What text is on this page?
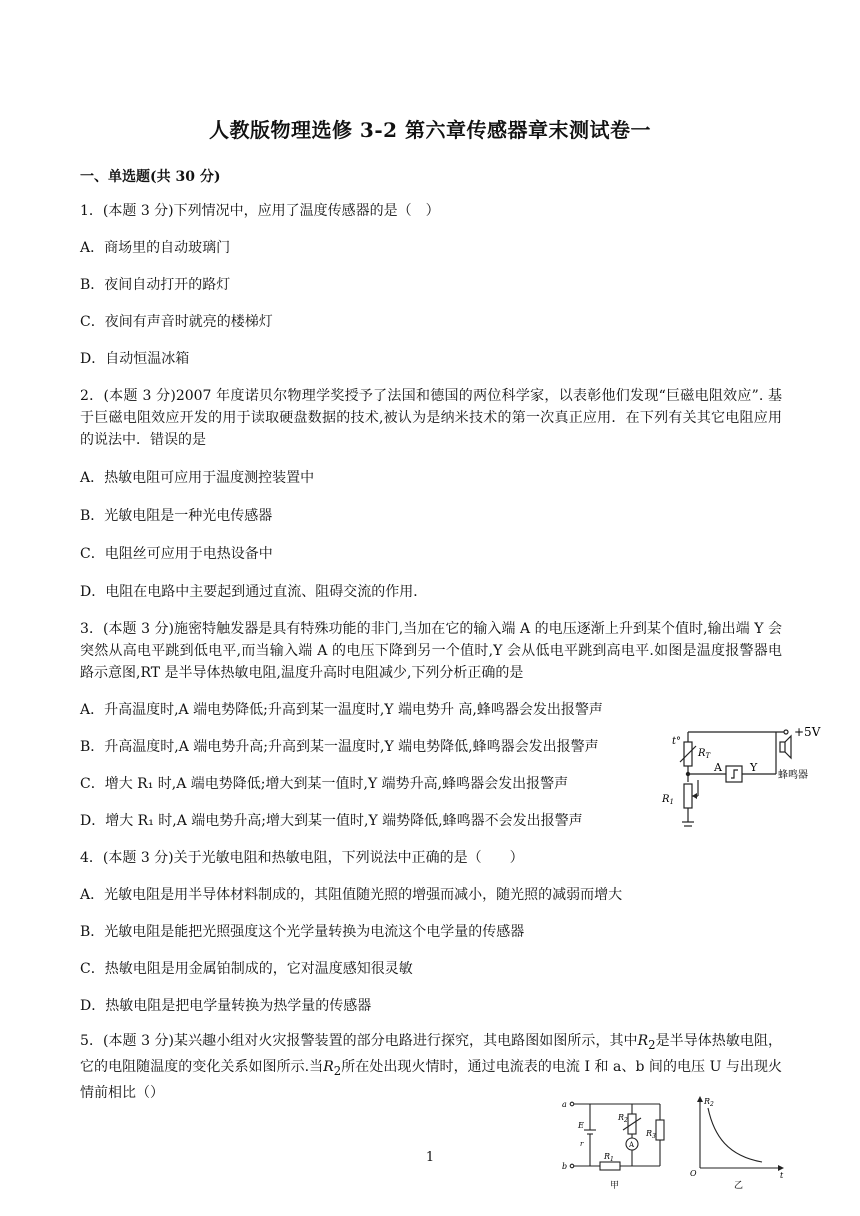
人教版物理选修 3-2 第六章传感器章末测试卷一
一、单选题(共 30 分)
1．(本题 3 分)下列情况中，应用了温度传感器的是（　）
A．商场里的自动玻璃门
B．夜间自动打开的路灯
C．夜间有声音时就亮的楼梯灯
D．自动恒温冰箱
2．(本题 3 分)2007 年度诺贝尔物理学奖授予了法国和德国的两位科学家，以表彰他们发现“巨磁电阻效应”. 基于巨磁电阻效应开发的用于读取硬盘数据的技术,被认为是纳米技术的第一次真正应用．在下列有关其它电阻应用的说法中．错误的是
A．热敏电阻可应用于温度测控装置中
B．光敏电阻是一种光电传感器
C．电阻丝可应用于电热设备中
D．电阻在电路中主要起到通过直流、阻碍交流的作用．
3．(本题 3 分)施密特触发器是具有特殊功能的非门,当加在它的输入端 A 的电压逐渐上升到某个值时,输出端 Y 会突然从高电平跳到低电平,而当输入端 A 的电压下降到另一个值时,Y 会从低电平跳到高电平.如图是温度报警器电路示意图,RT 是半导体热敏电阻,温度升高时电阻减少,下列分析正确的是
A．升高温度时,A 端电势降低;升高到某一温度时,Y 端电势升 高,蜂鸣器会发出报警声
B．升高温度时,A 端电势升高;升高到某一温度时,Y 端电势降低,蜂鸣器会发出报警声
C．增大 R₁ 时,A 端电势降低;增大到某一值时,Y 端势升高,蜂鸣器会发出报警声
D．增大 R₁ 时,A 端电势升高;增大到某一值时,Y 端势降低,蜂鸣器不会发出报警声
+5V
t°
$R_T$
$R_1$
A	Y
蜂鸣器
4．(本题 3 分)关于光敏电阻和热敏电阻，下列说法中正确的是（　　）
A．光敏电阻是用半导体材料制成的，其阻值随光照的增强而减小，随光照的减弱而增大
B．光敏电阻是能把光照强度这个光学量转换为电流这个电学量的传感器
C．热敏电阻是用金属铂制成的，它对温度感知很灵敏
D．热敏电阻是把电学量转换为热学量的传感器
5．(本题 3 分)某兴趣小组对火灾报警装置的部分电路进行探究，其电路图如图所示，其中$R_2$是半导体热敏电阻，它的电阻随温度的变化关系如图所示.当$R_2$所在处出现火情时，通过电流表的电流 I 和 a、b 间的电压 U 与出现火情前相比（）
a
b
E
r
$R_1$
$R_2$
$R_3$
A
甲
$R_2$
O	t
乙
1
